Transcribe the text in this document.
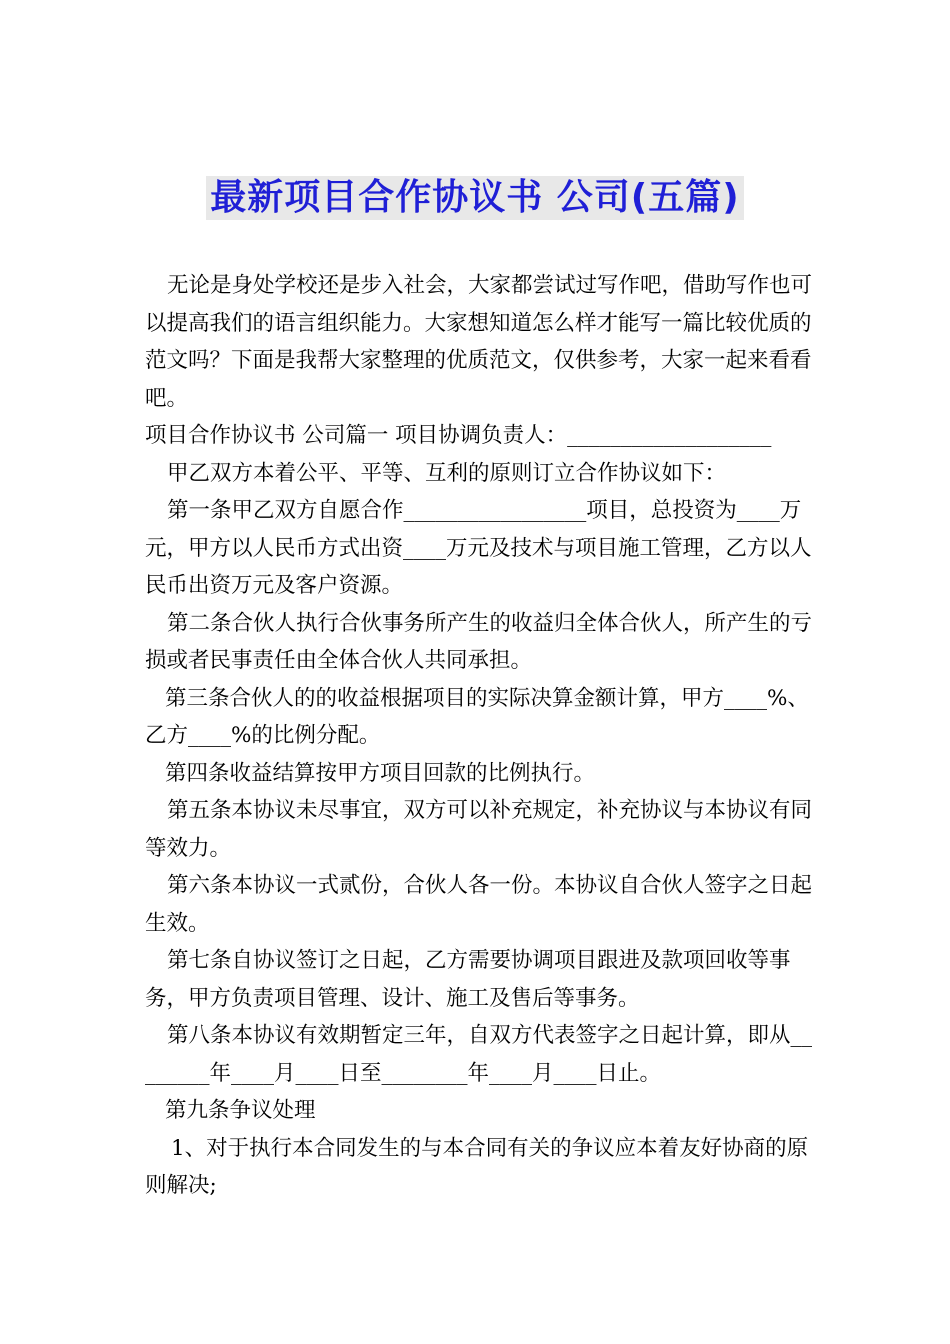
最新项目合作协议书 公司(五篇)

无论是身处学校还是步入社会，大家都尝试过写作吧，借助写作也可以提高我们的语言组织能力。大家想知道怎么样才能写一篇比较优质的范文吗？下面是我帮大家整理的优质范文，仅供参考，大家一起来看看吧。

项目合作协议书 公司篇一 项目协调负责人：___________________

甲乙双方本着公平、平等、互利的原则订立合作协议如下：

第一条甲乙双方自愿合作_________________项目，总投资为____万元，甲方以人民币方式出资____万元及技术与项目施工管理，乙方以人民币出资万元及客户资源。

第二条合伙人执行合伙事务所产生的收益归全体合伙人，所产生的亏损或者民事责任由全体合伙人共同承担。

第三条合伙人的的收益根据项目的实际决算金额计算，甲方____%、乙方____%的比例分配。

第四条收益结算按甲方项目回款的比例执行。

第五条本协议未尽事宜，双方可以补充规定，补充协议与本协议有同等效力。

第六条本协议一式贰份，合伙人各一份。本协议自合伙人签字之日起生效。

第七条自协议签订之日起，乙方需要协调项目跟进及款项回收等事务，甲方负责项目管理、设计、施工及售后等事务。

第八条本协议有效期暂定三年，自双方代表签字之日起计算，即从________年____月____日至________年____月____日止。

第九条争议处理

1、对于执行本合同发生的与本合同有关的争议应本着友好协商的原则解决;
